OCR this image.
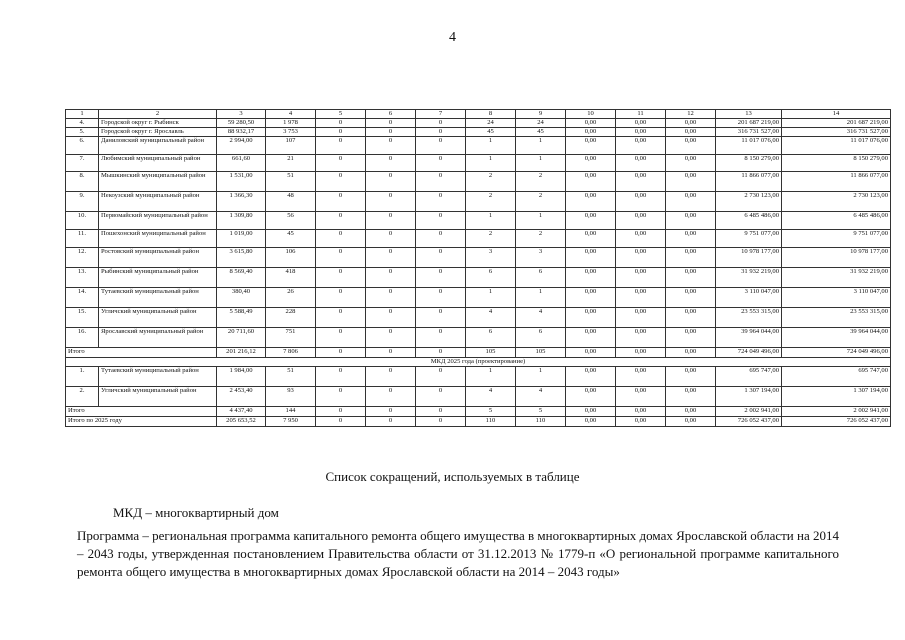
4
1	2	3	4	5	6	7	8	9	10	11	12	13	14
4.	Городской округ г. Рыбинск	59 280,50	1 978	0	0	0	24	24	0,00	0,00	0,00	201 687 219,00	201 687 219,00
5.	Городской округ г. Ярославль	88 932,17	3 753	0	0	0	45	45	0,00	0,00	0,00	316 731 527,00	316 731 527,00
6.	Даниловский муниципальный район	2 994,00	107	0	0	0	1	1	0,00	0,00	0,00	11 017 076,00	11 017 076,00
7.	Любимский муниципальный район	661,60	21	0	0	0	1	1	0,00	0,00	0,00	8 150 279,00	8 150 279,00
8.	Мышкинский муниципальный район	1 531,00	51	0	0	0	2	2	0,00	0,00	0,00	11 866 077,00	11 866 077,00
9.	Некоузский муниципальный район	1 366,30	48	0	0	0	2	2	0,00	0,00	0,00	2 730 123,00	2 730 123,00
10.	Первомайский муниципальный район	1 309,80	56	0	0	0	1	1	0,00	0,00	0,00	6 485 486,00	6 485 486,00
11.	Пошехонский муниципальный район	1 019,00	45	0	0	0	2	2	0,00	0,00	0,00	9 751 077,00	9 751 077,00
12.	Ростовский муниципальный район	3 615,80	106	0	0	0	3	3	0,00	0,00	0,00	10 978 177,00	10 978 177,00
13.	Рыбинский муниципальный район	8 569,40	418	0	0	0	6	6	0,00	0,00	0,00	31 932 219,00	31 932 219,00
14.	Тутаевский муниципальный район	380,40	26	0	0	0	1	1	0,00	0,00	0,00	3 110 047,00	3 110 047,00
15.	Угличский муниципальный район	5 588,49	228	0	0	0	4	4	0,00	0,00	0,00	23 553 315,00	23 553 315,00
16.	Ярославский муниципальный район	20 711,60	751	0	0	0	6	6	0,00	0,00	0,00	39 964 044,00	39 964 044,00
Итого		201 216,12	7 806	0	0	0	105	105	0,00	0,00	0,00	724 049 496,00	724 049 496,00
МКД 2025 года (проектирование)													
1.	Тутаевский муниципальный район	1 984,00	51	0	0	0	1	1	0,00	0,00	0,00	695 747,00	695 747,00
2.	Угличский муниципальный район	2 453,40	93	0	0	0	4	4	0,00	0,00	0,00	1 307 194,00	1 307 194,00
Итого		4 437,40	144	0	0	0	5	5	0,00	0,00	0,00	2 002 941,00	2 002 941,00
Итого по 2025 году		205 653,52	7 950	0	0	0	110	110	0,00	0,00	0,00	726 052 437,00	726 052 437,00
Список сокращений, используемых в таблице
МКД – многоквартирный дом
Программа – региональная программа капитального ремонта общего имущества в многоквартирных домах Ярославской области на 2014 – 2043 годы, утвержденная постановлением Правительства области от 31.12.2013 № 1779-п «О региональной программе капитального ремонта общего имущества в многоквартирных домах Ярославской области на 2014 – 2043 годы»
